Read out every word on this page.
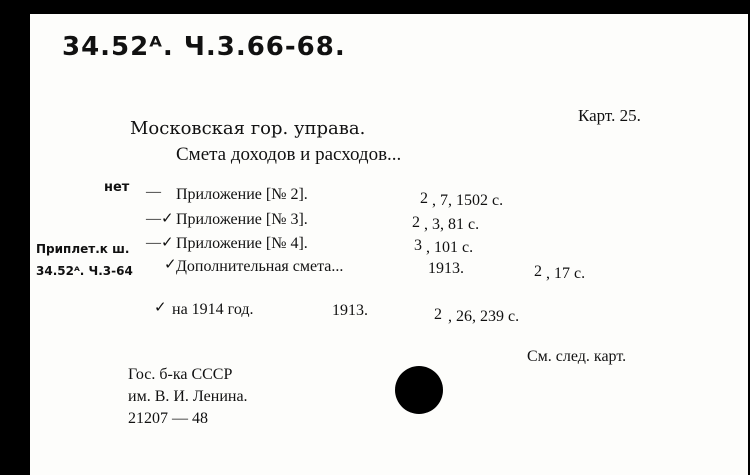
34.52ᴬ. Ч.3.66-68.
Карт. 25.
Московская гор. управа.
Смета доходов и расходов...
нет
Приплет.к ш.
34.52ᴬ. Ч.3-64
— Приложение [№ 2].	2 , 7, 1502 с.
—✓ Приложение [№ 3].	2 , 3, 81 с.
—✓ Приложение [№ 4].	3 , 101 с.
✓ Дополнительная смета...	1913.	2 , 17 с.
✓ на 1914 год.	1913.	2 , 26, 239 с.
См. след. карт.
Гос. б-ка СССР
им. В. И. Ленина.
21207 — 48
